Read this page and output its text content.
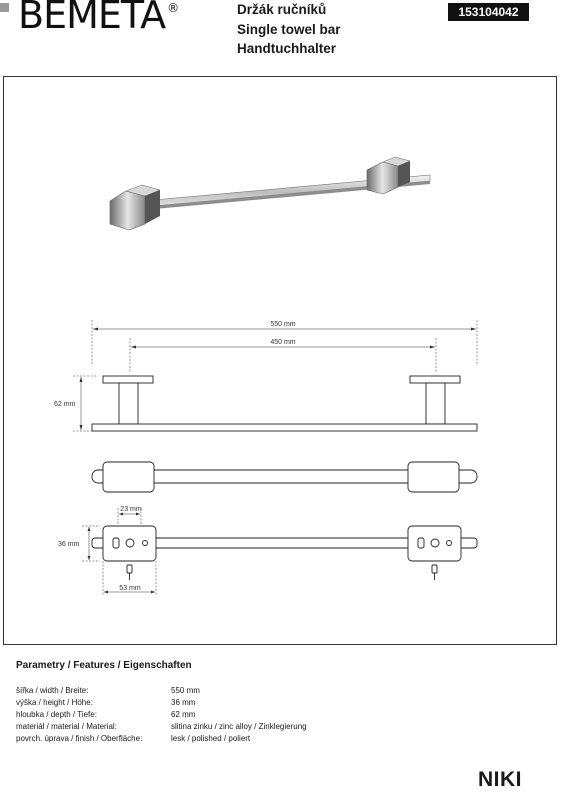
BEMETA ®	Držák ručníků
Single towel bar
Handtuchhalter
153104042
550 mm
450 mm
62 mm
23 mm
36 mm
53 mm
Parametry / Features / Eigenschaften
šířka / width / Breite:	550 mm
výška / height / Höhe:	36 mm
hloubka / depth / Tiefe:	62 mm
materiál / material / Material:	slitina zinku / zinc alloy / Zinklegierung
povrch. úprava / finish / Oberfläche:	lesk / polished / poliert
NIKI
